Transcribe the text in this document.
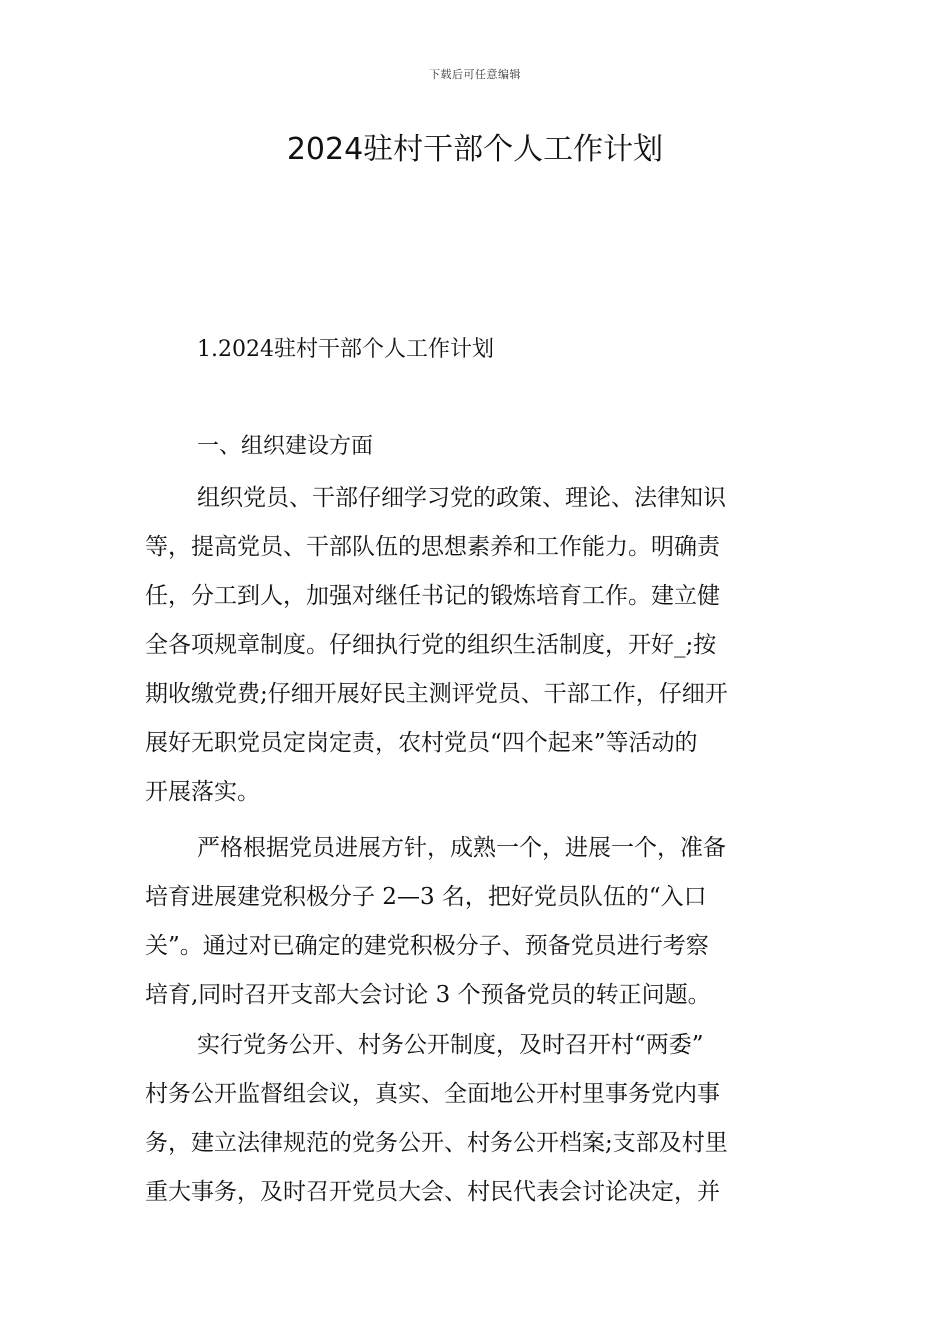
下载后可任意编辑
2024驻村干部个人工作计划
1.2024驻村干部个人工作计划
一、组织建设方面
组织党员、干部仔细学习党的政策、理论、法律知识
等，提高党员、干部队伍的思想素养和工作能力。明确责
任，分工到人，加强对继任书记的锻炼培育工作。建立健
全各项规章制度。仔细执行党的组织生活制度，开好_;按
期收缴党费;仔细开展好民主测评党员、干部工作，仔细开
展好无职党员定岗定责，农村党员“四个起来”等活动的
开展落实。
严格根据党员进展方针，成熟一个，进展一个，准备
培育进展建党积极分子 2—3 名，把好党员队伍的“入口
关”。通过对已确定的建党积极分子、预备党员进行考察
培育,同时召开支部大会讨论 3 个预备党员的转正问题。
实行党务公开、村务公开制度，及时召开村“两委”
村务公开监督组会议，真实、全面地公开村里事务党内事
务，建立法律规范的党务公开、村务公开档案;支部及村里
重大事务，及时召开党员大会、村民代表会讨论决定，并
